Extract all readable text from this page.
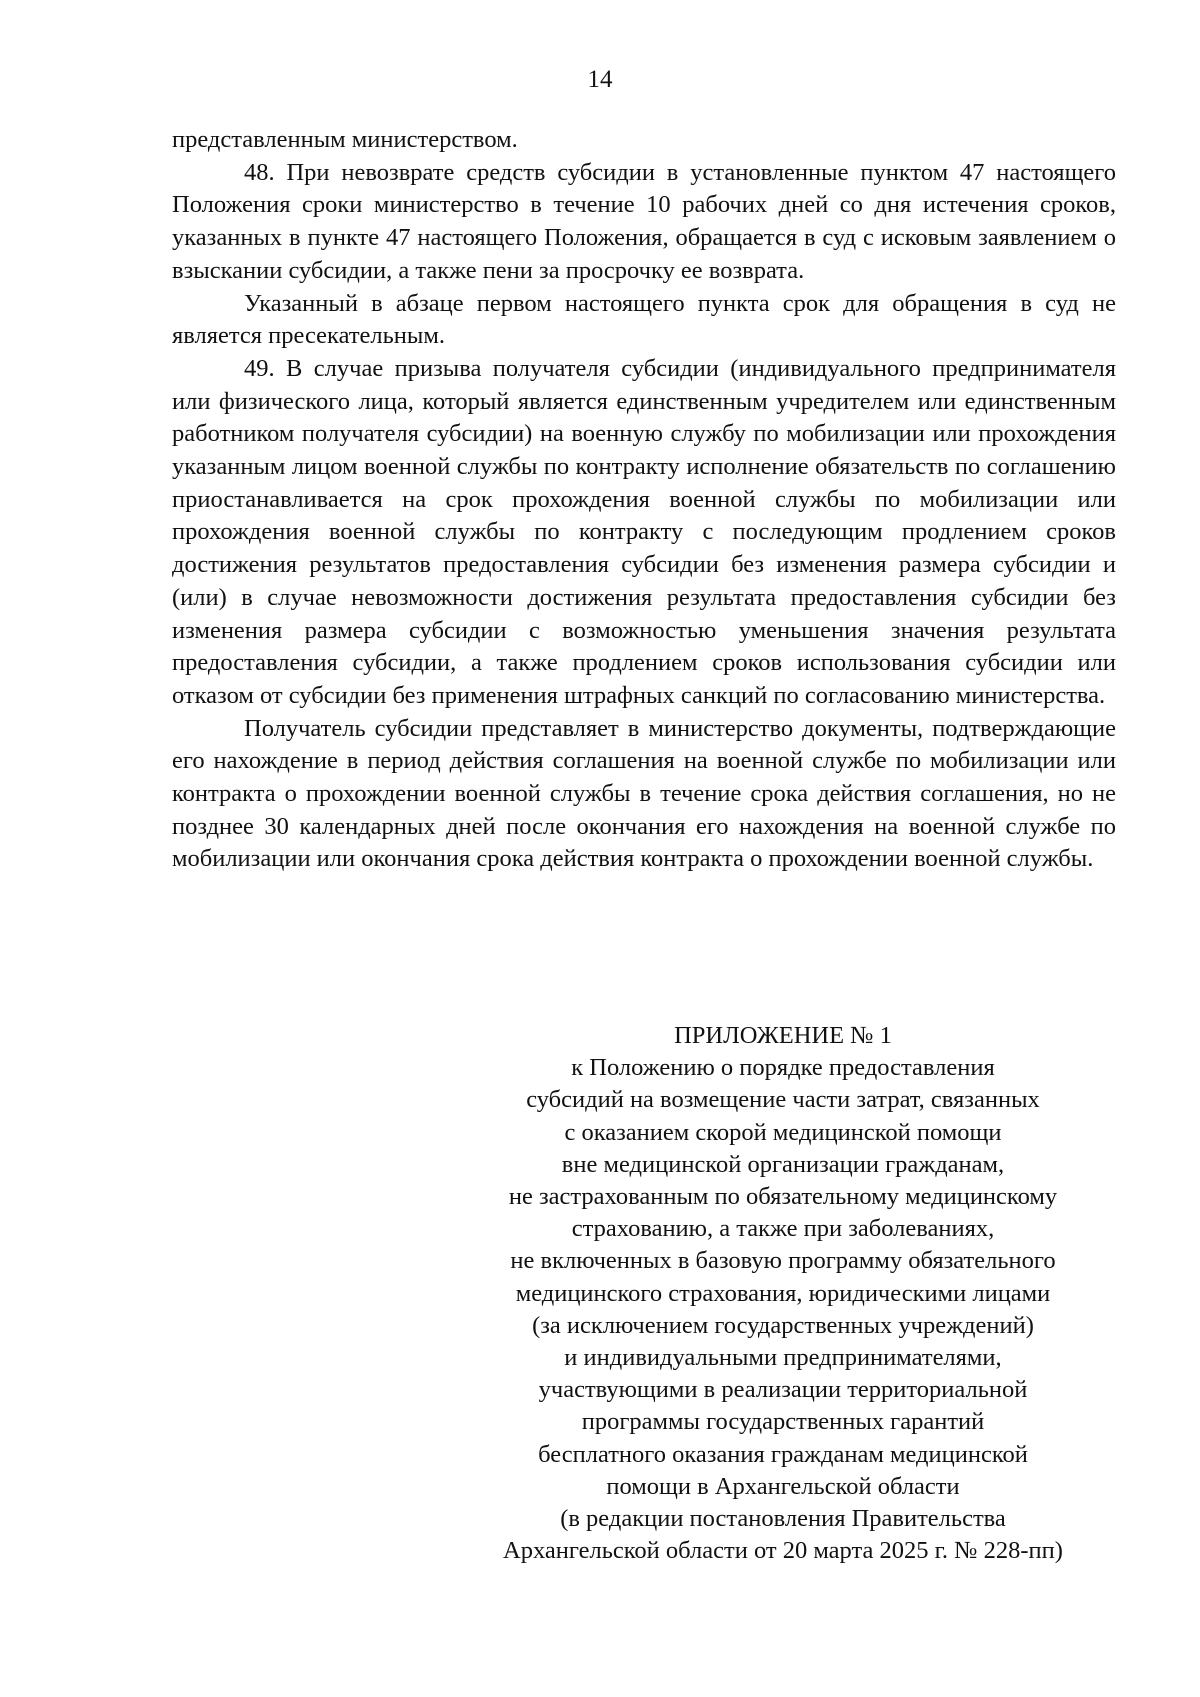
14

представленным министерством.

48. При невозврате средств субсидии в установленные пунктом 47 настоящего Положения сроки министерство в течение 10 рабочих дней со дня истечения сроков, указанных в пункте 47 настоящего Положения, обращается в суд с исковым заявлением о взыскании субсидии, а также пени за просрочку ее возврата.

Указанный в абзаце первом настоящего пункта срок для обращения в суд не является пресекательным.

49. В случае призыва получателя субсидии (индивидуального предпринимателя или физического лица, который является единственным учредителем или единственным работником получателя субсидии) на военную службу по мобилизации или прохождения указанным лицом военной службы по контракту исполнение обязательств по соглашению приостанавливается на срок прохождения военной службы по мобилизации или прохождения военной службы по контракту с последующим продлением сроков достижения результатов предоставления субсидии без изменения размера субсидии и (или) в случае невозможности достижения результата предоставления субсидии без изменения размера субсидии с возможностью уменьшения значения результата предоставления субсидии, а также продлением сроков использования субсидии или отказом от субсидии без применения штрафных санкций по согласованию министерства.

Получатель субсидии представляет в министерство документы, подтверждающие его нахождение в период действия соглашения на военной службе по мобилизации или контракта о прохождении военной службы в течение срока действия соглашения, но не позднее 30 календарных дней после окончания его нахождения на военной службе по мобилизации или окончания срока действия контракта о прохождении военной службы.

ПРИЛОЖЕНИЕ № 1
к Положению о порядке предоставления
субсидий на возмещение части затрат, связанных
с оказанием скорой медицинской помощи
вне медицинской организации гражданам,
не застрахованным по обязательному медицинскому
страхованию, а также при заболеваниях,
не включенных в базовую программу обязательного
медицинского страхования, юридическими лицами
(за исключением государственных учреждений)
и индивидуальными предпринимателями,
участвующими в реализации территориальной
программы государственных гарантий
бесплатного оказания гражданам медицинской
помощи в Архангельской области
(в редакции постановления Правительства
Архангельской области от 20 марта 2025 г. № 228-пп)
